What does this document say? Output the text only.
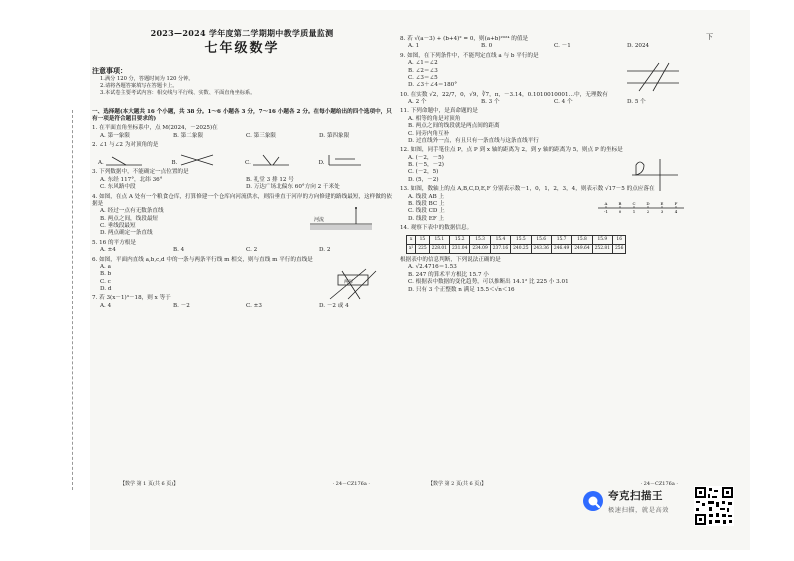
下
2023—2024 学年度第二学期期中教学质量监测
七年级数学
注意事项：
1.满分 120 分，答题时间为 120 分钟。
2.请将各题答案填写在答题卡上。
3.本试卷主要考试内容：相交线与平行线、实数、平面直角坐标系。
一、选择题(本大题共 16 个小题，共 38 分。1～6 小题各 3 分，7～16 小题各 2 分。在每小题给出的四个选项中，只有一项是符合题目要求的)
1. 在平面直角坐标系中，点 M(2024，－2025)在
A. 第一象限	B. 第二象限	C. 第三象限	D. 第四象限
2. ∠1 与∠2 为对顶角的是
A.	B.	C.	D.
3. 下列数据中，不能确定一点位置的是
A. 东经 117°，北纬 36°	B. 礼堂 3 排 12 号
C. 东风路中段	D. 万达广场北偏东 60°方向 2 千米处
4. 如图，在点 A 处有一个粮食仓库，打算修建一个仓库向河流供水，则沿垂直于河岸的方向修建的路线最短，这样做的依据是
A. 经过一点有无数条直线
B. 两点之间，线段最短
C. 垂线段最短
D. 两点确定一条直线
河流
5. 16 的平方根是
A. ±4	B. 4	C. 2	D. 2
6. 如图，平面内直线 a,b,c,d 中的一条与两条平行线 m 相交，则与直线 m 平行的直线是
A. a
B. b
C. c
D. d
两岸
7. 若 3(x－1)³－18，则 x 等于
A. 4	B. －2	C. ±3	D. －2 或 4
【数学 第 1 页(共 6 页)】	· 24－CZ176a ·
8. 若 √(a－3) + (b+4)² = 0，则(a+b)²⁰²⁴ 的值是
A. 1	B. 0	C. －1	D. 2024
9. 如图，在下列条件中，不能判定直线 a 与 b 平行的是
A. ∠1＝∠2
B. ∠2＝∠3
C. ∠3＝∠5
D. ∠3＋∠4＝180°
10. 在实数 √2，22/7，0，√9，∛7，π，－3.14，0.1010010001…中，无理数有
A. 2 个	B. 3 个	C. 4 个	D. 5 个
11. 下列命题中，是真命题的是
A. 相等的角是对顶角
B. 两点之间的线段就是两点间的距离
C. 同旁内角互补
D. 过直线外一点，有且只有一条直线与这条直线平行
12. 如图，同手笔住点 P，点 P 到 x 轴的距离为 2，到 y 轴的距离为 5，则点 P 的坐标是
A. (－2，－5)
B. (－5，－2)
C. (－2，5)
D. (5，－2)
13. 如图，数轴上的点 A,B,C,D,E,F 分别表示数－1，0，1，2，3，4，则表示数 √17－5 的点应落在
A. 线段 AB 上
B. 线段 BC 上
C. 线段 CD 上
D. 线段 EF 上
A
-1
B
0
C
1
D
2
E
3
F
4
14. 观察下表中的数据信息。
x	15	15.1	15.2	15.3	15.4	15.5	15.6	15.7	15.8	15.9	16
x²	225	228.01	231.04	234.09	237.16	240.25	243.36	246.49	249.64	252.81	256
根据表中的信息判断，下列说法正确的是
A. √2.4716＝1.53
B. 247 的算术平方根比 15.7 小
C. 根据表中数据的变化趋势，可以推断出 14.1² 比 225 小 3.01
D. 只有 3 个正整数 n 满足 15.5＜√n＜16
【数学 第 2 页(共 6 页)】	· 24－CZ176a ·
夸克扫描王
极速扫描，就是高效
